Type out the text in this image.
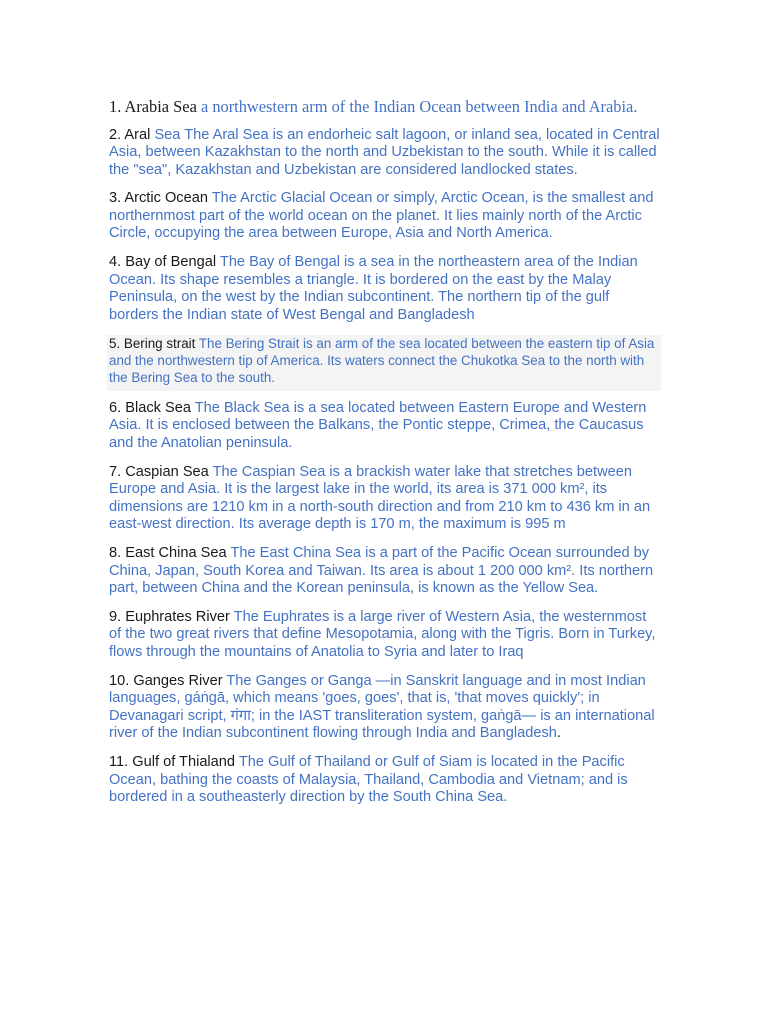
1. Arabia Sea a northwestern arm of the Indian Ocean between India and Arabia.

2. Aral Sea The Aral Sea is an endorheic salt lagoon, or inland sea, located in Central Asia, between Kazakhstan to the north and Uzbekistan to the south. While it is called the "sea", Kazakhstan and Uzbekistan are considered landlocked states.

3. Arctic Ocean The Arctic Glacial Ocean or simply, Arctic Ocean, is the smallest and northernmost part of the world ocean on the planet. It lies mainly north of the Arctic Circle, occupying the area between Europe, Asia and North America.

4. Bay of Bengal The Bay of Bengal is a sea in the northeastern area of the Indian Ocean. Its shape resembles a triangle. It is bordered on the east by the Malay Peninsula, on the west by the Indian subcontinent. The northern tip of the gulf borders the Indian state of West Bengal and Bangladesh

5. Bering strait The Bering Strait is an arm of the sea located between the eastern tip of Asia and the northwestern tip of America. Its waters connect the Chukotka Sea to the north with the Bering Sea to the south.

6. Black Sea The Black Sea is a sea located between Eastern Europe and Western Asia. It is enclosed between the Balkans, the Pontic steppe, Crimea, the Caucasus and the Anatolian peninsula.

7. Caspian Sea The Caspian Sea is a brackish water lake that stretches between Europe and Asia. It is the largest lake in the world, its area is 371 000 km², its dimensions are 1210 km in a north-south direction and from 210 km to 436 km in an east-west direction. Its average depth is 170 m, the maximum is 995 m

8. East China Sea The East China Sea is a part of the Pacific Ocean surrounded by China, Japan, South Korea and Taiwan. Its area is about 1 200 000 km². Its northern part, between China and the Korean peninsula, is known as the Yellow Sea.

9. Euphrates River The Euphrates is a large river of Western Asia, the westernmost of the two great rivers that define Mesopotamia, along with the Tigris. Born in Turkey, flows through the mountains of Anatolia to Syria and later to Iraq

10. Ganges River The Ganges or Ganga —in Sanskrit language and in most Indian languages, gáṅgā, which means 'goes, goes', that is, 'that moves quickly'; in Devanagari script, गंगा; in the IAST transliteration system, gaṅgā— is an international river of the Indian subcontinent flowing through India and Bangladesh.

11. Gulf of Thialand The Gulf of Thailand or Gulf of Siam is located in the Pacific Ocean, bathing the coasts of Malaysia, Thailand, Cambodia and Vietnam; and is bordered in a southeasterly direction by the South China Sea.
